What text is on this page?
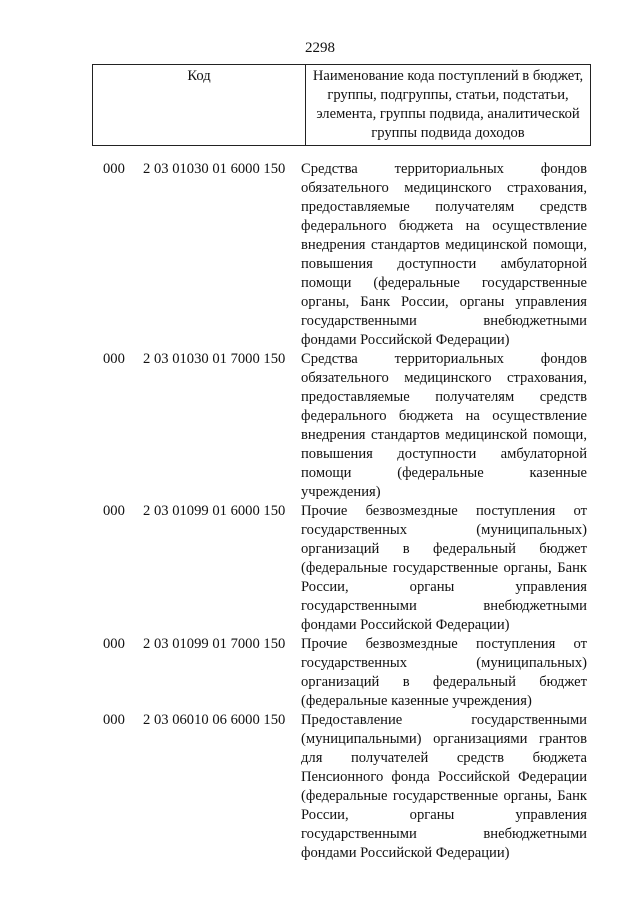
2298
Код	Наименование кода поступлений в бюджет,
группы, подгруппы, статьи, подстатьи,
элемента, группы подвида, аналитической
группы подвида доходов
000	2 03 01030 01 6000 150	Средства территориальных фондов
обязательного медицинского страхования,
предоставляемые получателям средств
федерального бюджета на осуществление
внедрения стандартов медицинской помощи,
повышения доступности амбулаторной
помощи (федеральные государственные
органы, Банк России, органы управления
государственными внебюджетными
фондами Российской Федерации)
000	2 03 01030 01 7000 150	Средства территориальных фондов
обязательного медицинского страхования,
предоставляемые получателям средств
федерального бюджета на осуществление
внедрения стандартов медицинской помощи,
повышения доступности амбулаторной
помощи (федеральные казенные
учреждения)
000	2 03 01099 01 6000 150	Прочие безвозмездные поступления от
государственных (муниципальных)
организаций в федеральный бюджет
(федеральные государственные органы, Банк
России, органы управления
государственными внебюджетными
фондами Российской Федерации)
000	2 03 01099 01 7000 150	Прочие безвозмездные поступления от
государственных (муниципальных)
организаций в федеральный бюджет
(федеральные казенные учреждения)
000	2 03 06010 06 6000 150	Предоставление государственными
(муниципальными) организациями грантов
для получателей средств бюджета
Пенсионного фонда Российской Федерации
(федеральные государственные органы, Банк
России, органы управления
государственными внебюджетными
фондами Российской Федерации)
